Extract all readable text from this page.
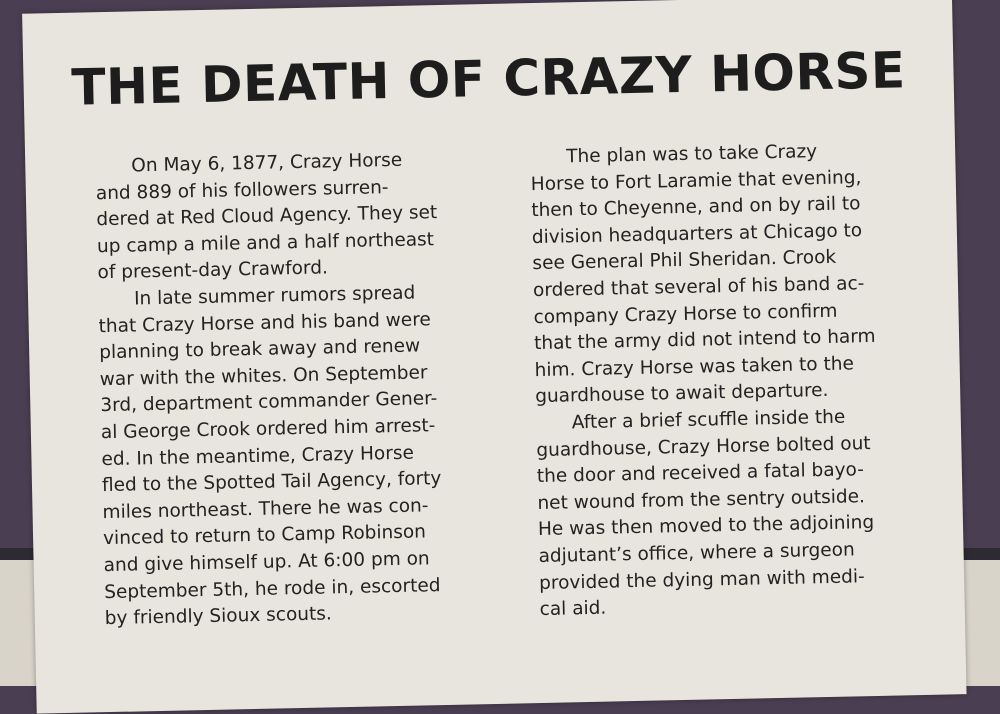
THE DEATH OF CRAZY HORSE
On May 6, 1877, Crazy Horse
and 889 of his followers surren-
dered at Red Cloud Agency. They set
up camp a mile and a half northeast
of present-day Crawford.
In late summer rumors spread
that Crazy Horse and his band were
planning to break away and renew
war with the whites. On September
3rd, department commander Gener-
al George Crook ordered him arrest-
ed. In the meantime, Crazy Horse
fled to the Spotted Tail Agency, forty
miles northeast. There he was con-
vinced to return to Camp Robinson
and give himself up. At 6:00 pm on
September 5th, he rode in, escorted
by friendly Sioux scouts.
The plan was to take Crazy
Horse to Fort Laramie that evening,
then to Cheyenne, and on by rail to
division headquarters at Chicago to
see General Phil Sheridan. Crook
ordered that several of his band ac-
company Crazy Horse to confirm
that the army did not intend to harm
him. Crazy Horse was taken to the
guardhouse to await departure.
After a brief scuffle inside the
guardhouse, Crazy Horse bolted out
the door and received a fatal bayo-
net wound from the sentry outside.
He was then moved to the adjoining
adjutant’s office, where a surgeon
provided the dying man with medi-
cal aid.
